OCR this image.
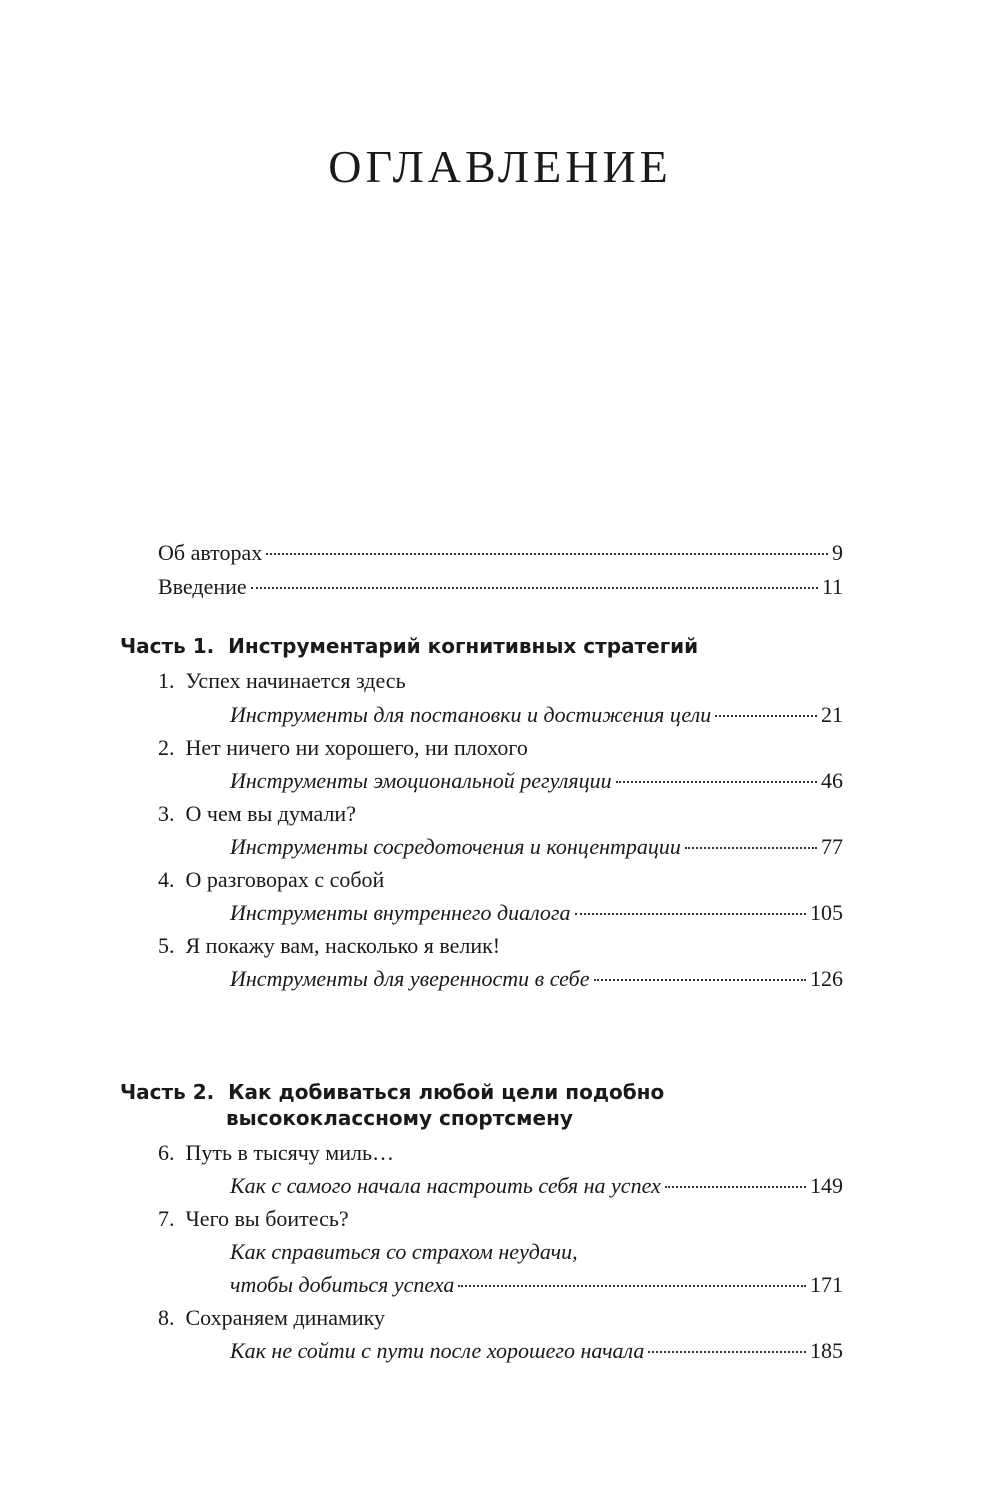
ОГЛАВЛЕНИЕ
Об авторах	9
Введение	11
Часть 1. Инструментарий когнитивных стратегий
1. Успех начинается здесь
Инструменты для постановки и достижения цели	21
2. Нет ничего ни хорошего, ни плохого
Инструменты эмоциональной регуляции	46
3. О чем вы думали?
Инструменты сосредоточения и концентрации	77
4. О разговорах с собой
Инструменты внутреннего диалога	105
5. Я покажу вам, насколько я велик!
Инструменты для уверенности в себе	126
Часть 2. Как добиваться любой цели подобно
высококлассному спортсмену
6. Путь в тысячу миль…
Как с самого начала настроить себя на успех	149
7. Чего вы боитесь?
Как справиться со страхом неудачи,
чтобы добиться успеха	171
8. Сохраняем динамику
Как не сойти с пути после хорошего начала	185
